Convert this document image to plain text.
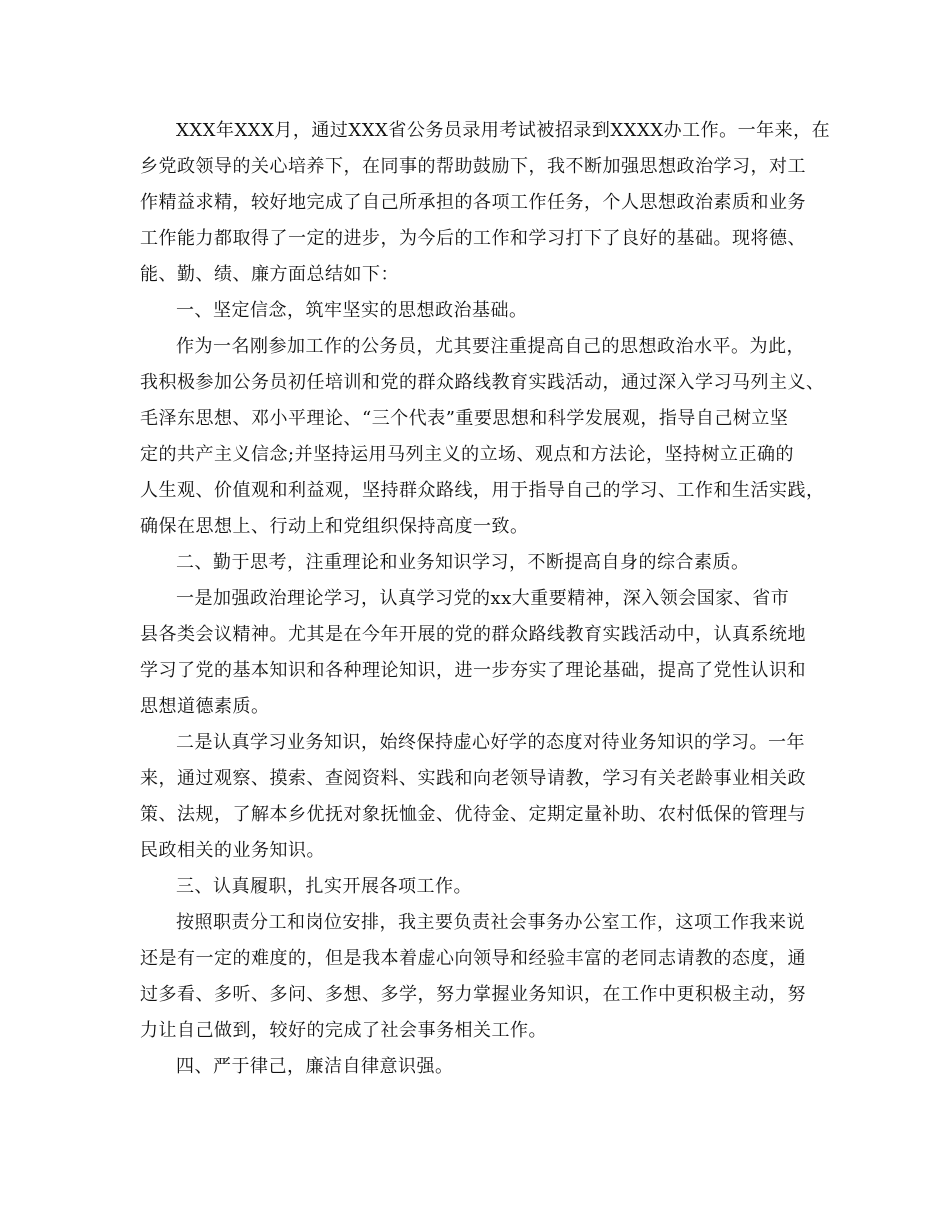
XXX年XXX月，通过XXX省公务员录用考试被招录到XXXX办工作。一年来，在
乡党政领导的关心培养下，在同事的帮助鼓励下，我不断加强思想政治学习，对工
作精益求精，较好地完成了自己所承担的各项工作任务，个人思想政治素质和业务
工作能力都取得了一定的进步，为今后的工作和学习打下了良好的基础。现将德、
能、勤、绩、廉方面总结如下：
一、坚定信念，筑牢坚实的思想政治基础。
作为一名刚参加工作的公务员，尤其要注重提高自己的思想政治水平。为此，
我积极参加公务员初任培训和党的群众路线教育实践活动，通过深入学习马列主义、
毛泽东思想、邓小平理论、“三个代表”重要思想和科学发展观，指导自己树立坚
定的共产主义信念;并坚持运用马列主义的立场、观点和方法论，坚持树立正确的
人生观、价值观和利益观，坚持群众路线，用于指导自己的学习、工作和生活实践，
确保在思想上、行动上和党组织保持高度一致。
二、勤于思考，注重理论和业务知识学习，不断提高自身的综合素质。
一是加强政治理论学习，认真学习党的xx大重要精神，深入领会国家、省市
县各类会议精神。尤其是在今年开展的党的群众路线教育实践活动中，认真系统地
学习了党的基本知识和各种理论知识，进一步夯实了理论基础，提高了党性认识和
思想道德素质。
二是认真学习业务知识，始终保持虚心好学的态度对待业务知识的学习。一年
来，通过观察、摸索、查阅资料、实践和向老领导请教，学习有关老龄事业相关政
策、法规，了解本乡优抚对象抚恤金、优待金、定期定量补助、农村低保的管理与
民政相关的业务知识。
三、认真履职，扎实开展各项工作。
按照职责分工和岗位安排，我主要负责社会事务办公室工作，这项工作我来说
还是有一定的难度的，但是我本着虚心向领导和经验丰富的老同志请教的态度，通
过多看、多听、多问、多想、多学，努力掌握业务知识，在工作中更积极主动，努
力让自己做到，较好的完成了社会事务相关工作。
四、严于律己，廉洁自律意识强。
